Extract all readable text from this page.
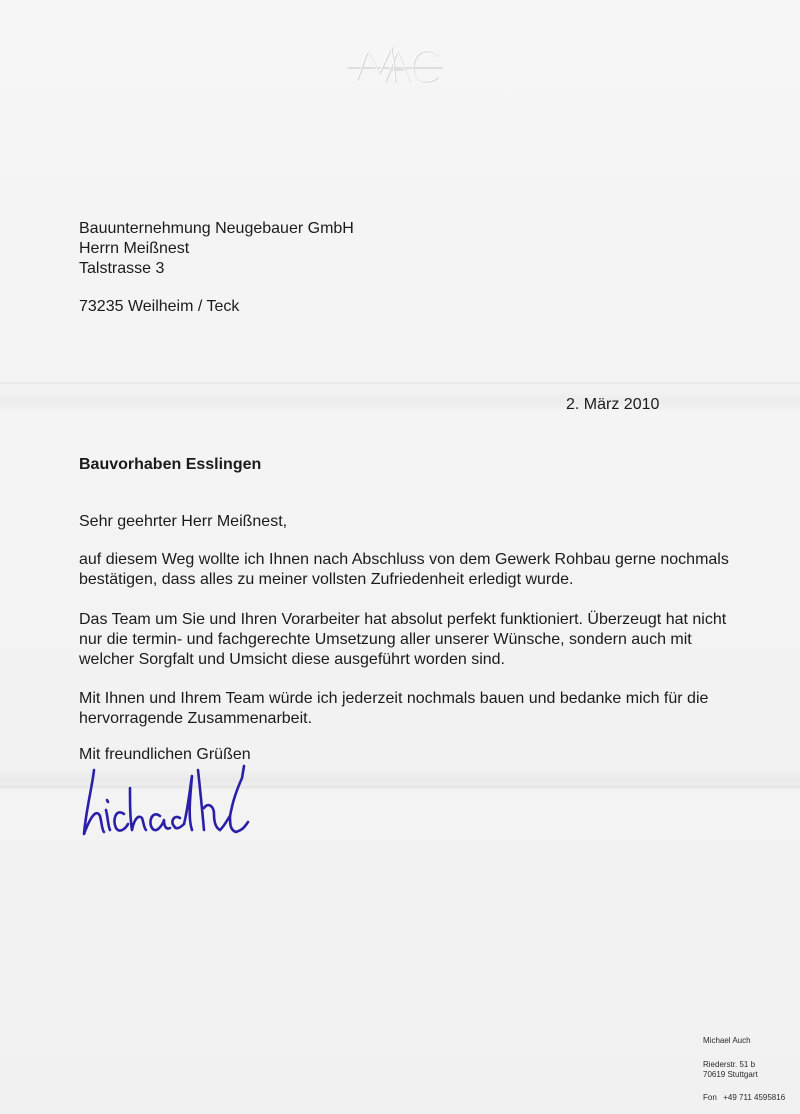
Bauunternehmung Neugebauer GmbH

Herrn Meißnest

Talstrasse 3

73235 Weilheim / Teck

2. März 2010

Bauvorhaben Esslingen

Sehr geehrter Herr Meißnest,

auf diesem Weg wollte ich Ihnen nach Abschluss von dem Gewerk Rohbau gerne nochmals

bestätigen, dass alles zu meiner vollsten Zufriedenheit erledigt wurde.

Das Team um Sie und Ihren Vorarbeiter hat absolut perfekt funktioniert. Überzeugt hat nicht

nur die termin- und fachgerechte Umsetzung aller unserer Wünsche, sondern auch mit

welcher Sorgfalt und Umsicht diese ausgeführt worden sind.

Mit Ihnen und Ihrem Team würde ich jederzeit nochmals bauen und bedanke mich für die

hervorragende Zusammenarbeit.

Mit freundlichen Grüßen

Michael Auch
Riederstr. 51 b
70619 Stuttgart
Fon +49 711 4595816
